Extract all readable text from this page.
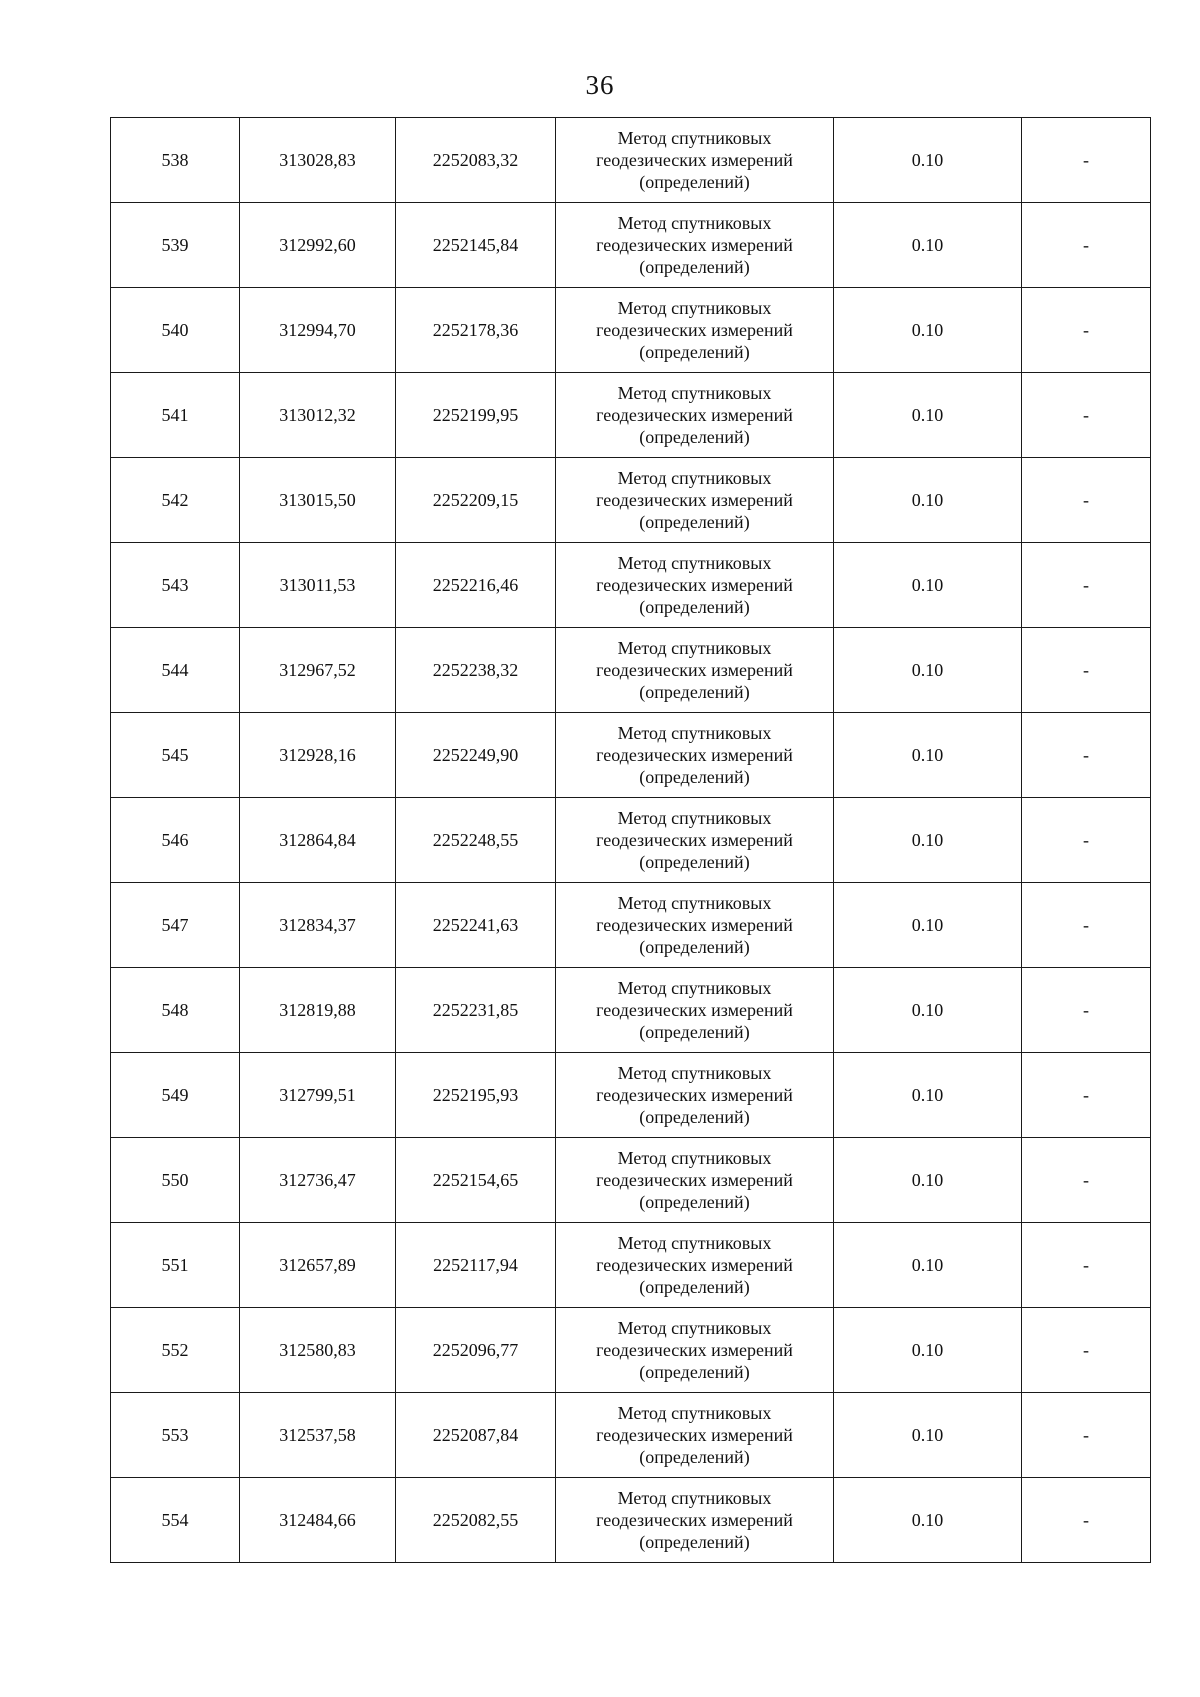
36
538	313028,83	2252083,32	Метод спутниковых
геодезических измерений
(определений)	0.10	-
539	312992,60	2252145,84	Метод спутниковых
геодезических измерений
(определений)	0.10	-
540	312994,70	2252178,36	Метод спутниковых
геодезических измерений
(определений)	0.10	-
541	313012,32	2252199,95	Метод спутниковых
геодезических измерений
(определений)	0.10	-
542	313015,50	2252209,15	Метод спутниковых
геодезических измерений
(определений)	0.10	-
543	313011,53	2252216,46	Метод спутниковых
геодезических измерений
(определений)	0.10	-
544	312967,52	2252238,32	Метод спутниковых
геодезических измерений
(определений)	0.10	-
545	312928,16	2252249,90	Метод спутниковых
геодезических измерений
(определений)	0.10	-
546	312864,84	2252248,55	Метод спутниковых
геодезических измерений
(определений)	0.10	-
547	312834,37	2252241,63	Метод спутниковых
геодезических измерений
(определений)	0.10	-
548	312819,88	2252231,85	Метод спутниковых
геодезических измерений
(определений)	0.10	-
549	312799,51	2252195,93	Метод спутниковых
геодезических измерений
(определений)	0.10	-
550	312736,47	2252154,65	Метод спутниковых
геодезических измерений
(определений)	0.10	-
551	312657,89	2252117,94	Метод спутниковых
геодезических измерений
(определений)	0.10	-
552	312580,83	2252096,77	Метод спутниковых
геодезических измерений
(определений)	0.10	-
553	312537,58	2252087,84	Метод спутниковых
геодезических измерений
(определений)	0.10	-
554	312484,66	2252082,55	Метод спутниковых
геодезических измерений
(определений)	0.10	-
